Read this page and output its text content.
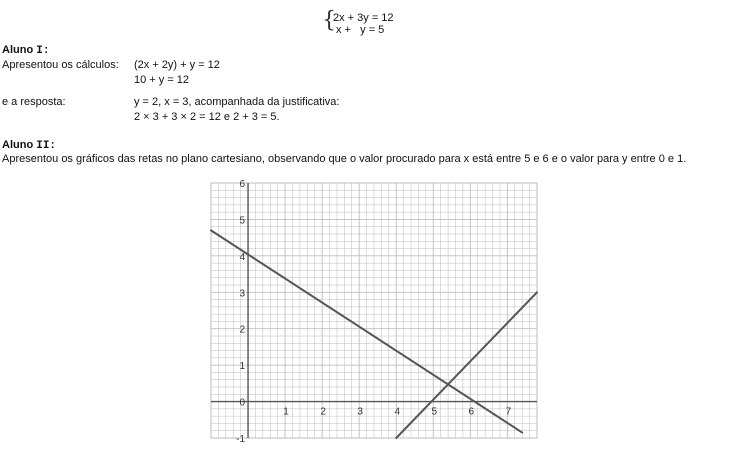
{
2x + 3y = 12
x +   y = 5
Aluno I:
Apresentou os cálculos: (2x + 2y) + y = 12
10 + y = 12
e a resposta:	y = 2, x = 3, acompanhada da justificativa:
2 × 3 + 3 × 2 = 12 e 2 + 3 = 5.
Aluno II:
Apresentou os gráficos das retas no plano cartesiano, observando que o valor procurado para x está entre 5 e 6 e o valor para y entre 0 e 1.
1	2	3	4	5	6	7
-1
0
1
2
3
4
5
6
